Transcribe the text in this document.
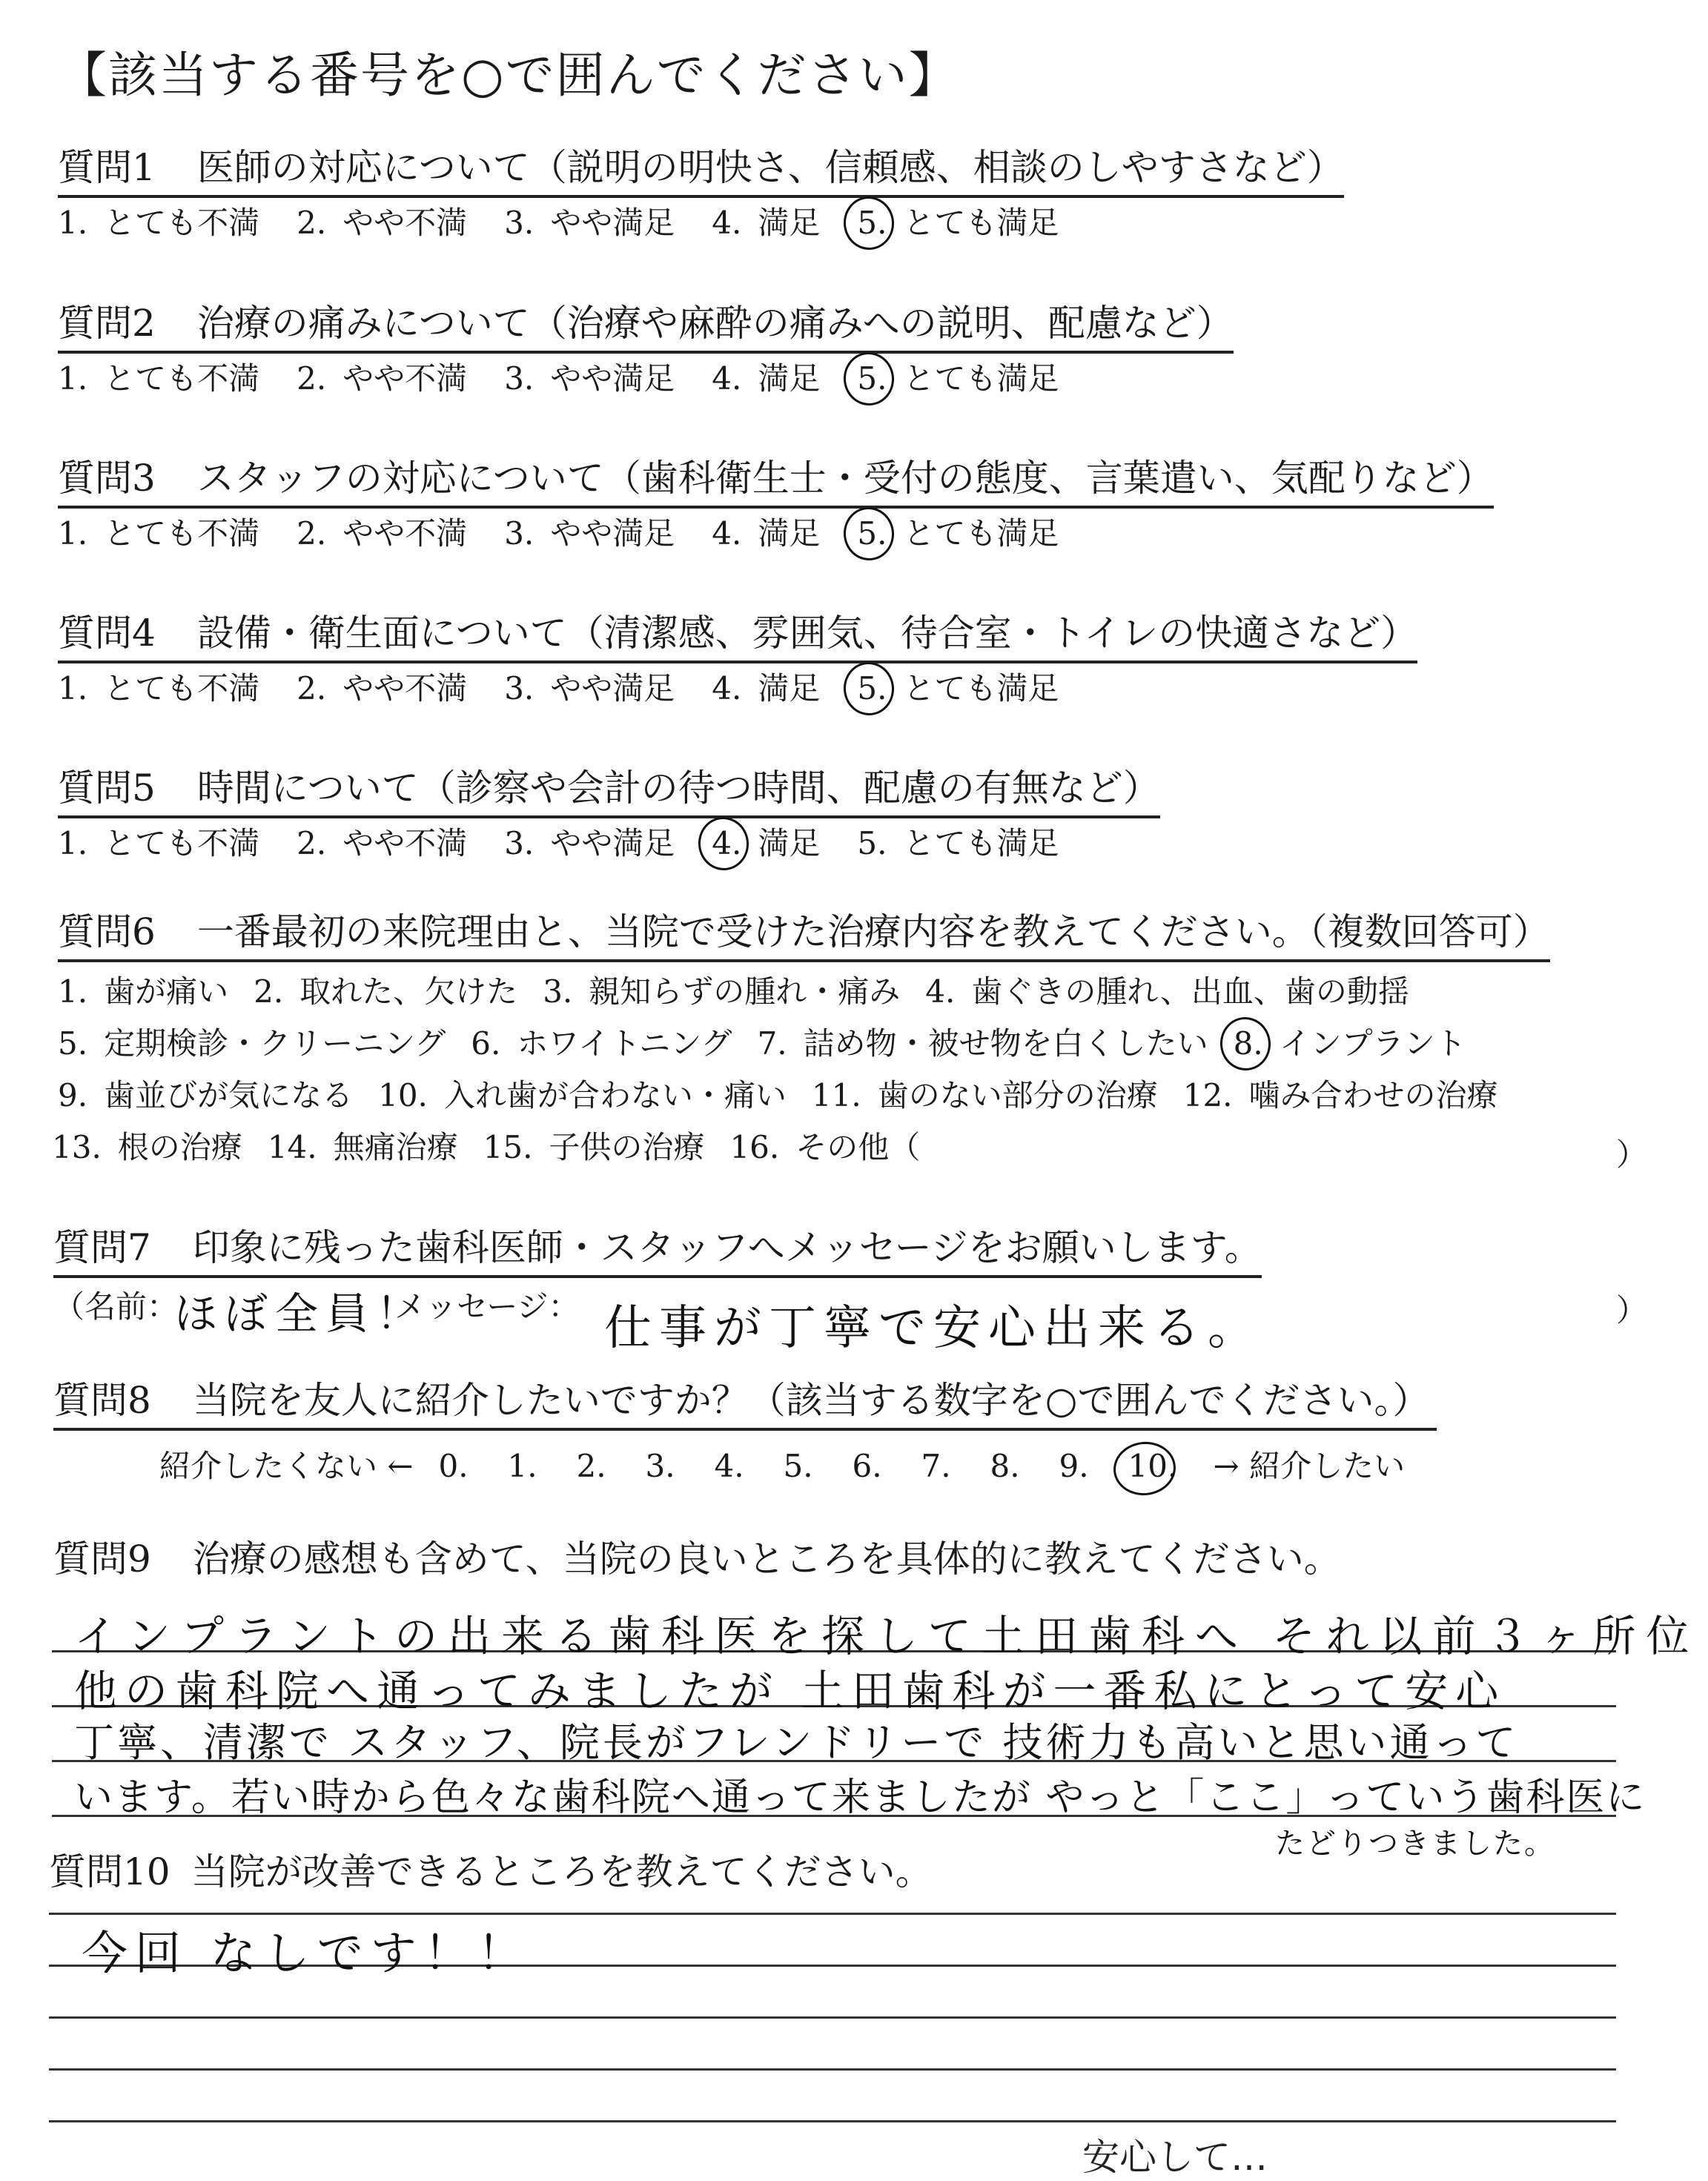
【該当する番号を○で囲んでください】
質問1 医師の対応について（説明の明快さ、信頼感、相談のしやすさなど）
1. とても不満 2. やや不満 3. やや満足 4. 満足 5. とても満足
質問2 治療の痛みについて（治療や麻酔の痛みへの説明、配慮など）
1. とても不満 2. やや不満 3. やや満足 4. 満足 5. とても満足
質問3 スタッフの対応について（歯科衛生士・受付の態度、言葉遣い、気配りなど）
1. とても不満 2. やや不満 3. やや満足 4. 満足 5. とても満足
質問4 設備・衛生面について（清潔感、雰囲気、待合室・トイレの快適さなど）
1. とても不満 2. やや不満 3. やや満足 4. 満足 5. とても満足
質問5 時間について（診察や会計の待つ時間、配慮の有無など）
1. とても不満 2. やや不満 3. やや満足 4. 満足 5. とても満足
質問6 一番最初の来院理由と、当院で受けた治療内容を教えてください。（複数回答可）
1. 歯が痛い 2. 取れた、欠けた 3. 親知らずの腫れ・痛み 4. 歯ぐきの腫れ、出血、歯の動揺
5. 定期検診・クリーニング 6. ホワイトニング 7. 詰め物・被せ物を白くしたい 8. インプラント
9. 歯並びが気になる 10. 入れ歯が合わない・痛い 11. 歯のない部分の治療 12. 噛み合わせの治療
13. 根の治療 14. 無痛治療 15. 子供の治療 16. その他（	）
質問7 印象に残った歯科医師・スタッフへメッセージをお願いします。
（名前：
ほぼ全員！
メッセージ： 仕事が丁寧で安心出来る。	）
質問8 当院を友人に紹介したいですか？（該当する数字を○で囲んでください。）
紹介したくない ← 0. 1. 2. 3. 4. 5. 6. 7. 8. 9. 10. → 紹介したい
質問9 治療の感想も含めて、当院の良いところを具体的に教えてください。
インプラントの出来る歯科医を探して土田歯科へ それ以前３ヶ所位
他の歯科院へ通ってみましたが 土田歯科が一番私にとって安心
丁寧、清潔で スタッフ、院長がフレンドリーで 技術力も高いと思い通って
います。若い時から色々な歯科院へ通って来ましたが やっと「ここ」っていう歯科医に
たどりつきました。
質問10 当院が改善できるところを教えてください。
今回 なしです！！
安心して…
